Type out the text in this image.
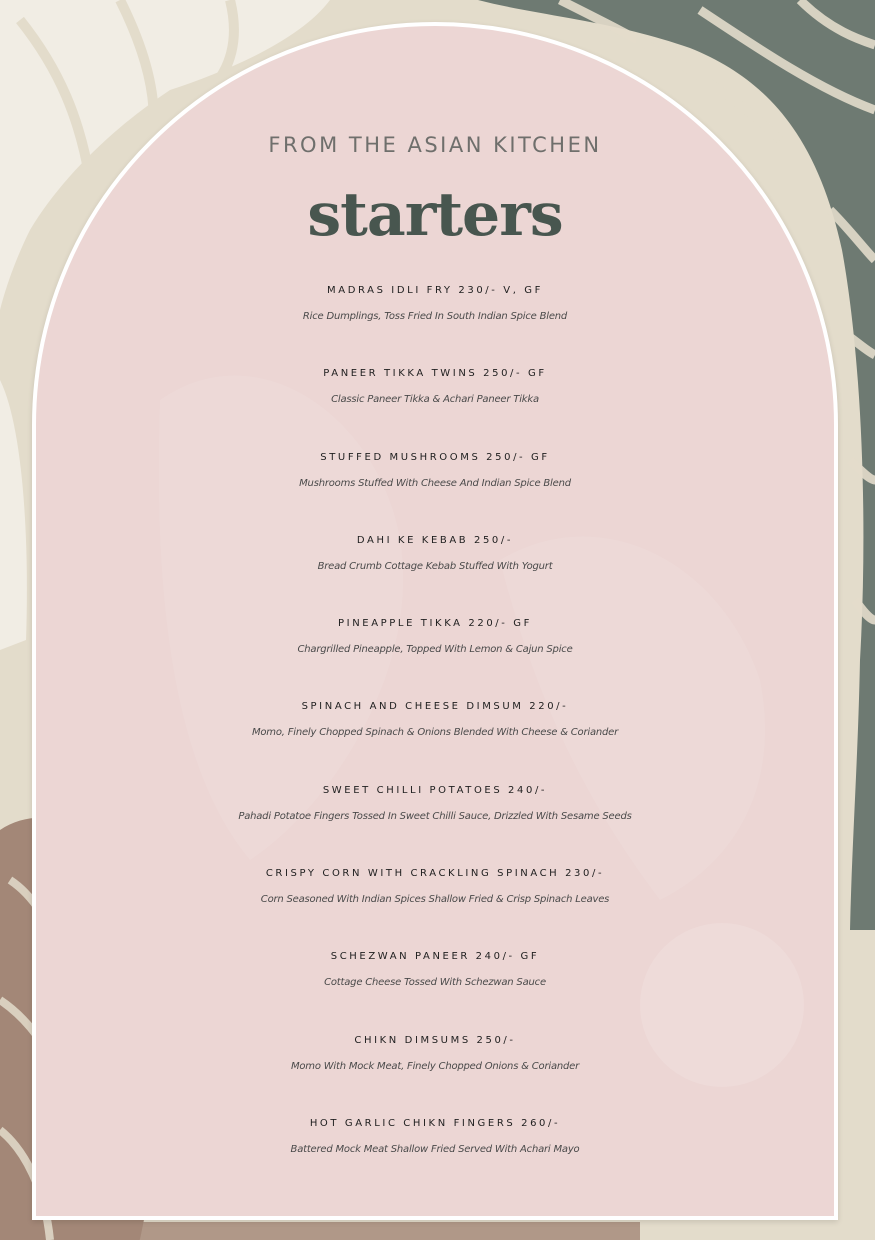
FROM THE ASIAN KITCHEN
starters
MADRAS IDLI FRY 230/- V, GF
Rice Dumplings, Toss Fried In South Indian Spice Blend
PANEER TIKKA TWINS 250/- GF
Classic Paneer Tikka & Achari Paneer Tikka
STUFFED MUSHROOMS 250/- GF
Mushrooms Stuffed With Cheese And Indian Spice Blend
DAHI KE KEBAB 250/-
Bread Crumb Cottage Kebab Stuffed With Yogurt
PINEAPPLE TIKKA 220/- GF
Chargrilled Pineapple, Topped With Lemon & Cajun Spice
SPINACH AND CHEESE DIMSUM 220/-
Momo, Finely Chopped Spinach & Onions Blended With Cheese & Coriander
SWEET CHILLI POTATOES 240/-
Pahadi Potatoe Fingers Tossed In Sweet Chilli Sauce, Drizzled With Sesame Seeds
CRISPY CORN WITH CRACKLING SPINACH 230/-
Corn Seasoned With Indian Spices Shallow Fried & Crisp Spinach Leaves
SCHEZWAN PANEER 240/- GF
Cottage Cheese Tossed With Schezwan Sauce
CHIKN DIMSUMS 250/-
Momo With Mock Meat, Finely Chopped Onions & Coriander
HOT GARLIC CHIKN FINGERS 260/-
Battered Mock Meat Shallow Fried Served With Achari Mayo
